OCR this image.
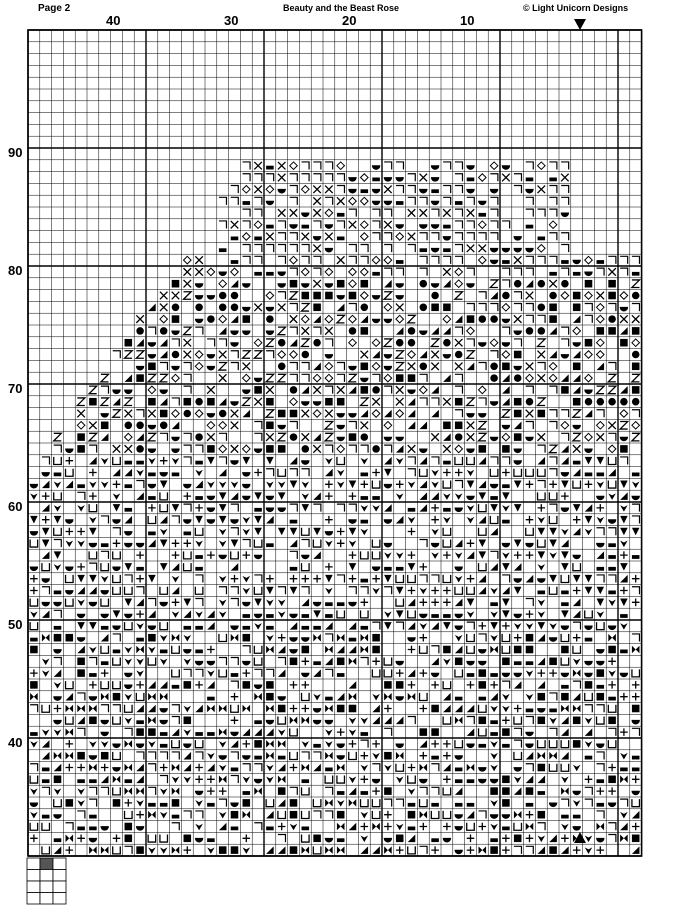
Page 2	Beauty and the Beast Rose	© Light Unicorn Designs
40	30	20	10
90
80
70
60
50
40
